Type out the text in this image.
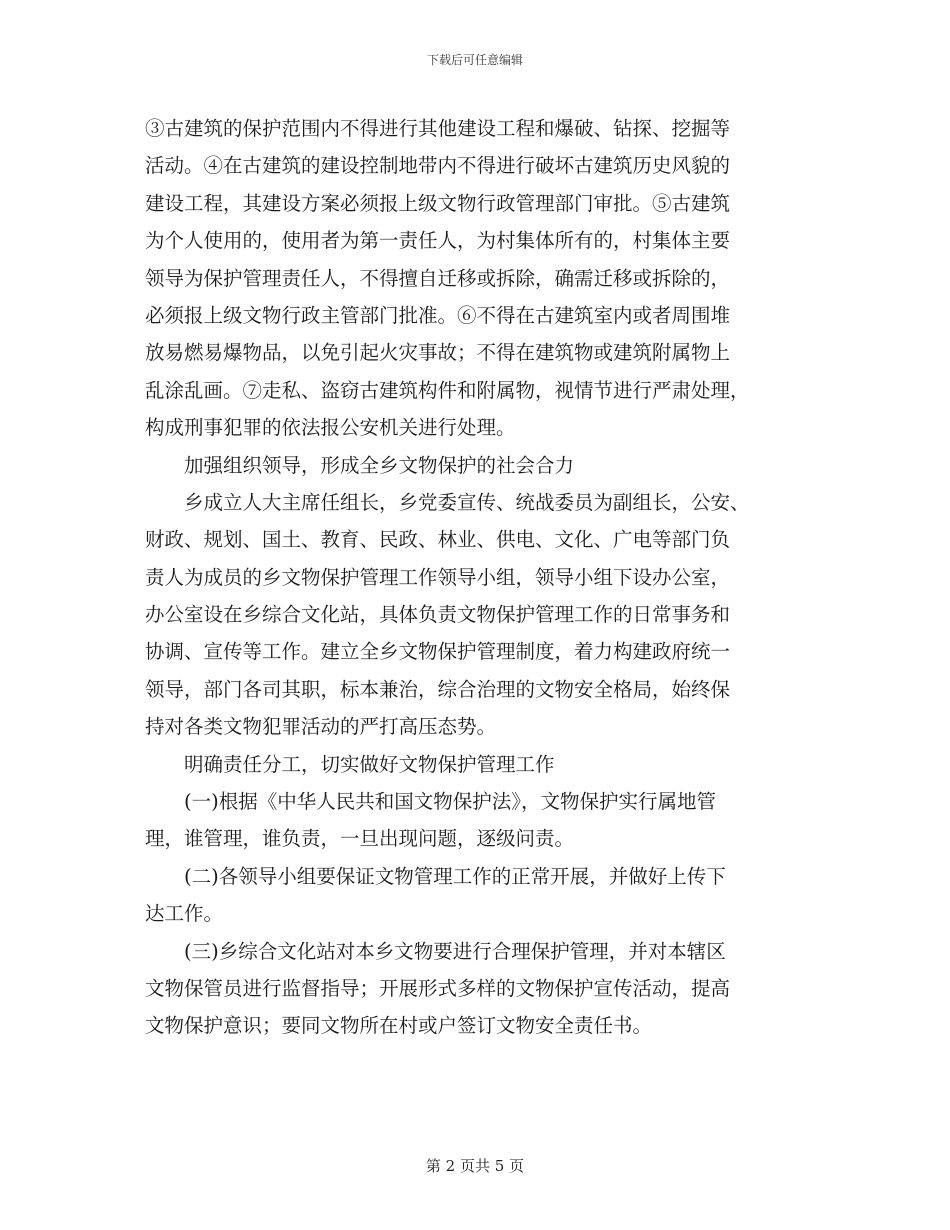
下载后可任意编辑
③古建筑的保护范围内不得进行其他建设工程和爆破、钻探、挖掘等
活动。④在古建筑的建设控制地带内不得进行破坏古建筑历史风貌的
建设工程，其建设方案必须报上级文物行政管理部门审批。⑤古建筑
为个人使用的，使用者为第一责任人，为村集体所有的，村集体主要
领导为保护管理责任人，不得擅自迁移或拆除，确需迁移或拆除的，
必须报上级文物行政主管部门批准。⑥不得在古建筑室内或者周围堆
放易燃易爆物品，以免引起火灾事故；不得在建筑物或建筑附属物上
乱涂乱画。⑦走私、盗窃古建筑构件和附属物，视情节进行严肃处理，
构成刑事犯罪的依法报公安机关进行处理。
加强组织领导，形成全乡文物保护的社会合力
乡成立人大主席任组长，乡党委宣传、统战委员为副组长，公安、
财政、规划、国土、教育、民政、林业、供电、文化、广电等部门负
责人为成员的乡文物保护管理工作领导小组，领导小组下设办公室，
办公室设在乡综合文化站，具体负责文物保护管理工作的日常事务和
协调、宣传等工作。建立全乡文物保护管理制度，着力构建政府统一
领导，部门各司其职，标本兼治，综合治理的文物安全格局，始终保
持对各类文物犯罪活动的严打高压态势。
明确责任分工，切实做好文物保护管理工作
(一)根据《中华人民共和国文物保护法》，文物保护实行属地管
理，谁管理，谁负责，一旦出现问题，逐级问责。
(二)各领导小组要保证文物管理工作的正常开展，并做好上传下
达工作。
(三)乡综合文化站对本乡文物要进行合理保护管理，并对本辖区
文物保管员进行监督指导；开展形式多样的文物保护宣传活动，提高
文物保护意识；要同文物所在村或户签订文物安全责任书。
第 2 页共 5 页
